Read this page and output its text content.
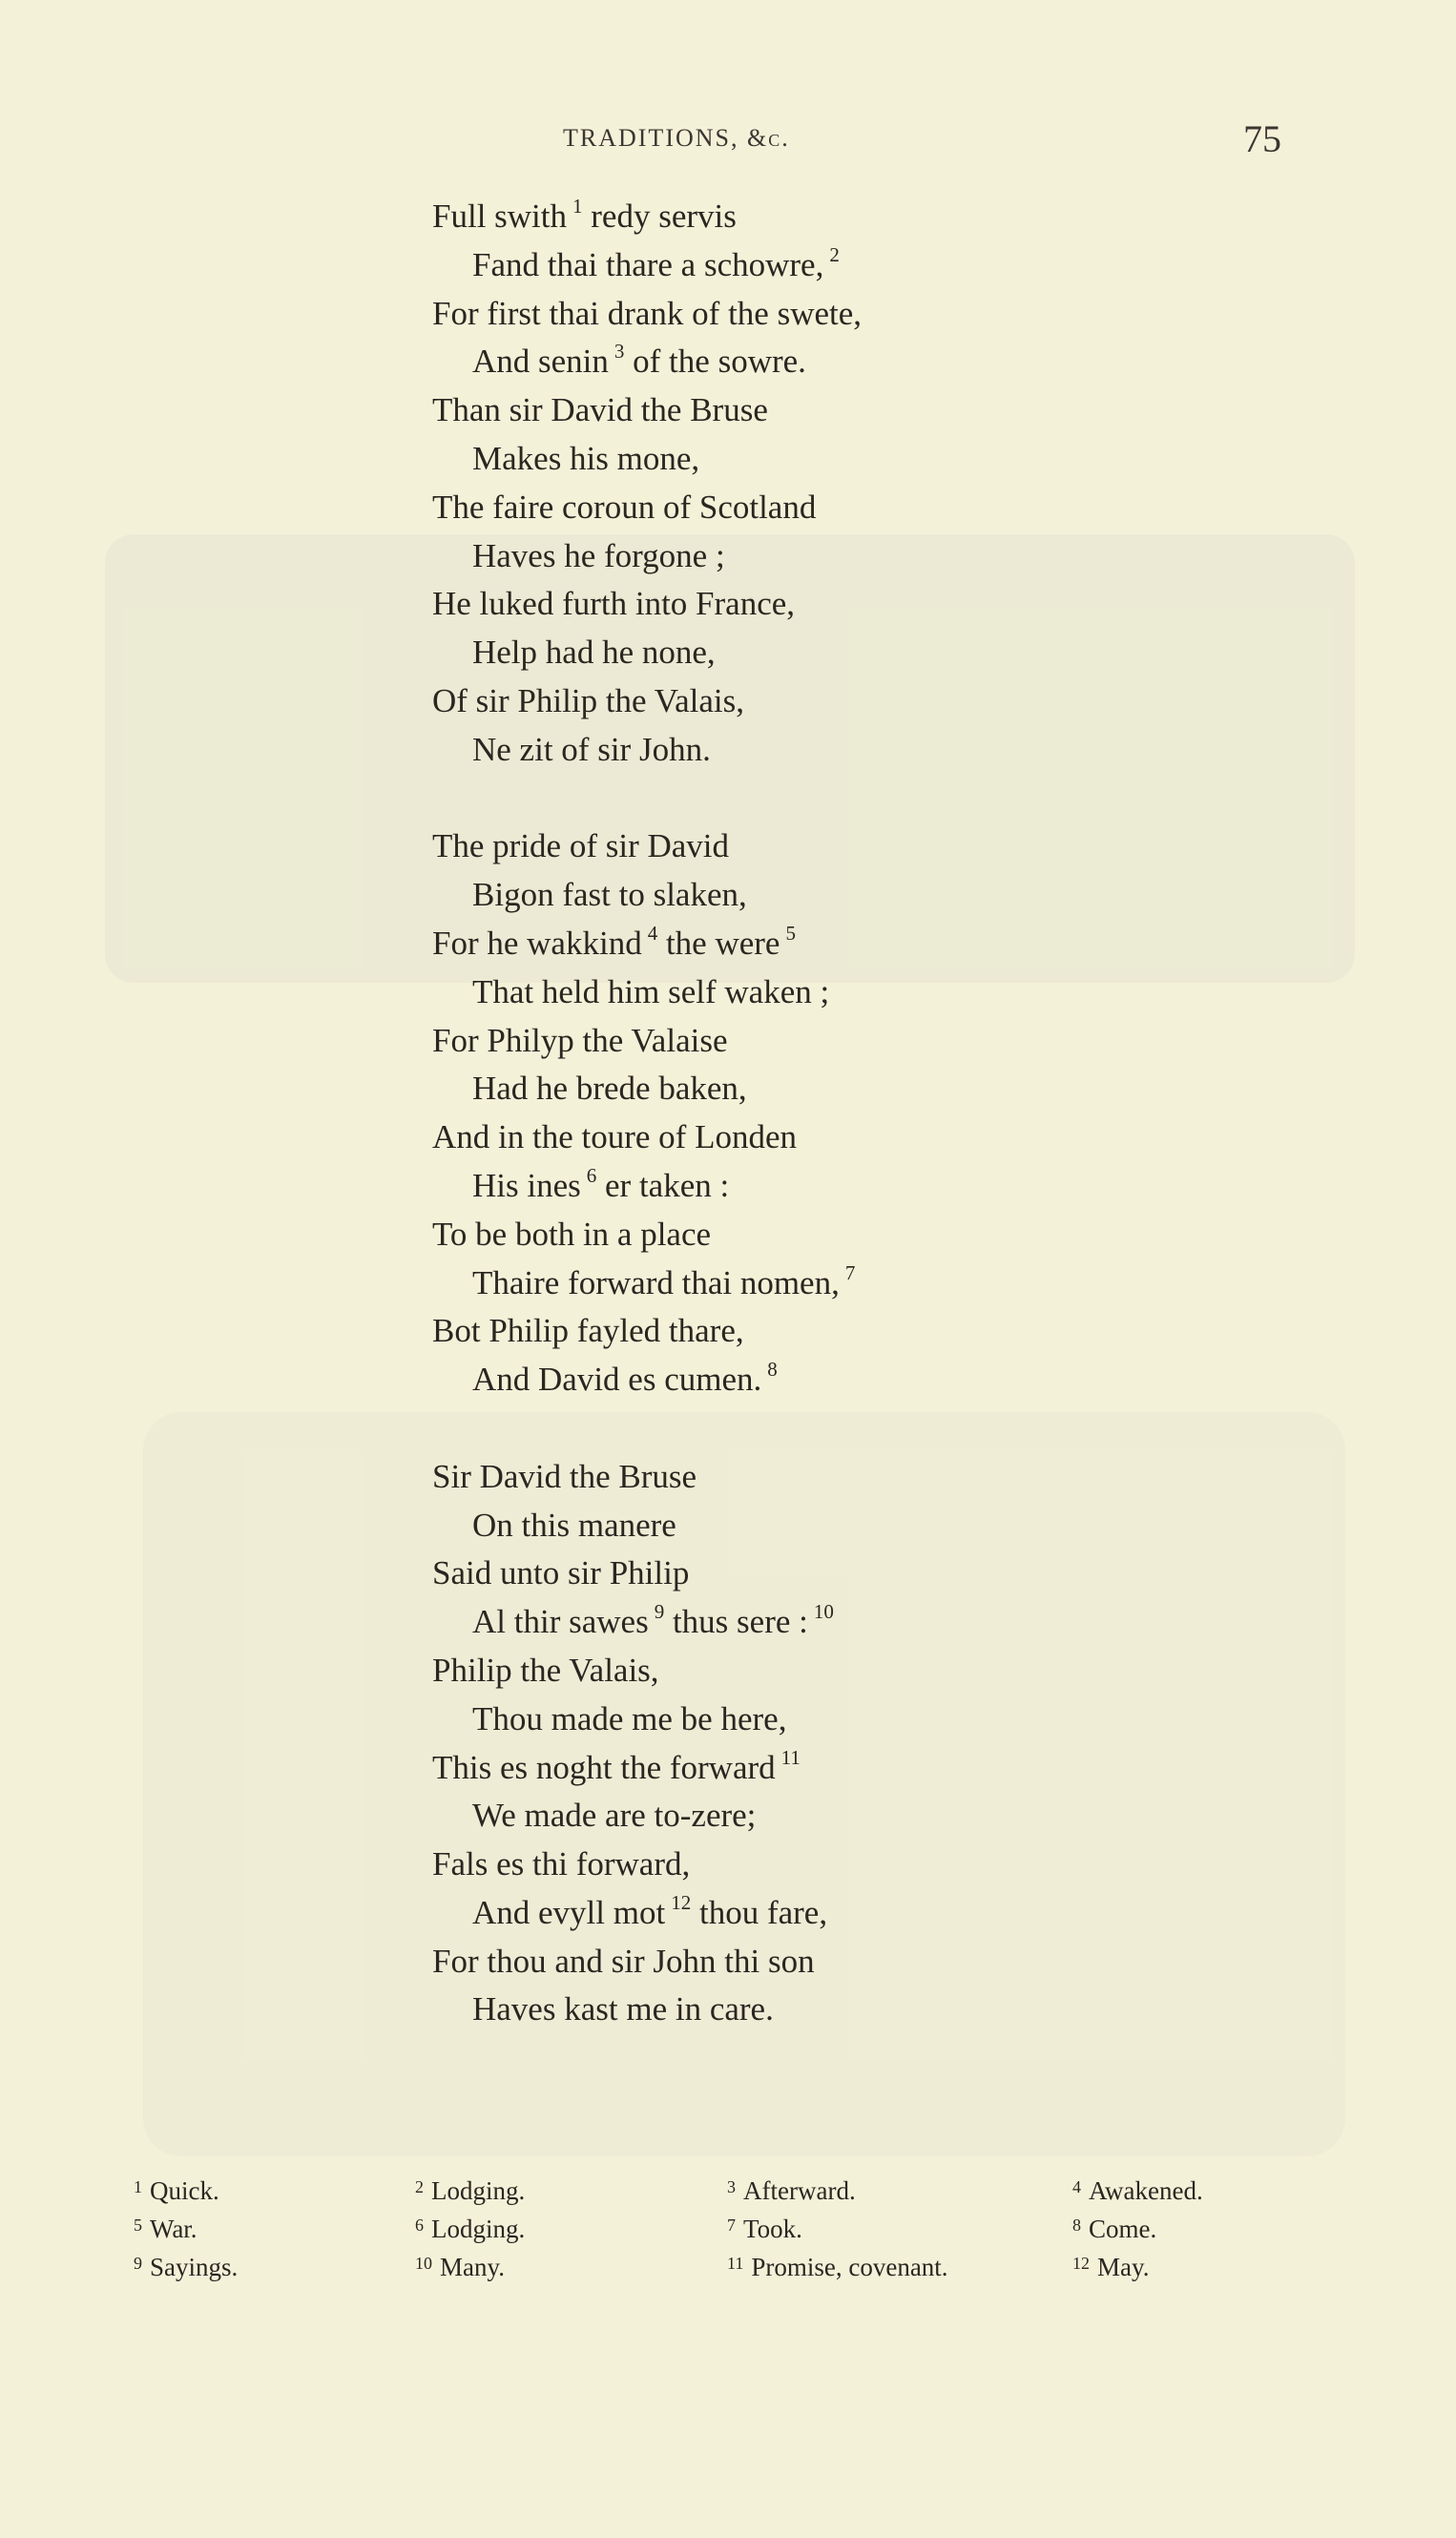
TRADITIONS, &c.	75
Full swith $^1$ redy servis
Fand thai thare a schowre, $^2$
For first thai drank of the swete,
And senin $^3$ of the sowre.
Than sir David the Bruse
Makes his mone,
The faire coroun of Scotland
Haves he forgone ;
He luked furth into France,
Help had he none,
Of sir Philip the Valais,
Ne zit of sir John.
The pride of sir David
Bigon fast to slaken,
For he wakkind $^4$ the were $^5$
That held him self waken ;
For Philyp the Valaise
Had he brede baken,
And in the toure of Londen
His ines $^6$ er taken :
To be both in a place
Thaire forward thai nomen, $^7$
Bot Philip fayled thare,
And David es cumen. $^8$
Sir David the Bruse
On this manere
Said unto sir Philip
Al thir sawes $^9$ thus sere : $^{10}$
Philip the Valais,
Thou made me be here,
This es noght the forward $^{11}$
We made are to-zere;
Fals es thi forward,
And evyll mot $^{12}$ thou fare,
For thou and sir John thi son
Haves kast me in care.
$^1$ Quick.	$^2$ Lodging.	$^3$ Afterward.	$^4$ Awakened.
$^5$ War.	$^6$ Lodging.	$^7$ Took.	$^8$ Come.
$^9$ Sayings.	$^{10}$ Many.	$^{11}$ Promise, covenant.	$^{12}$ May.
